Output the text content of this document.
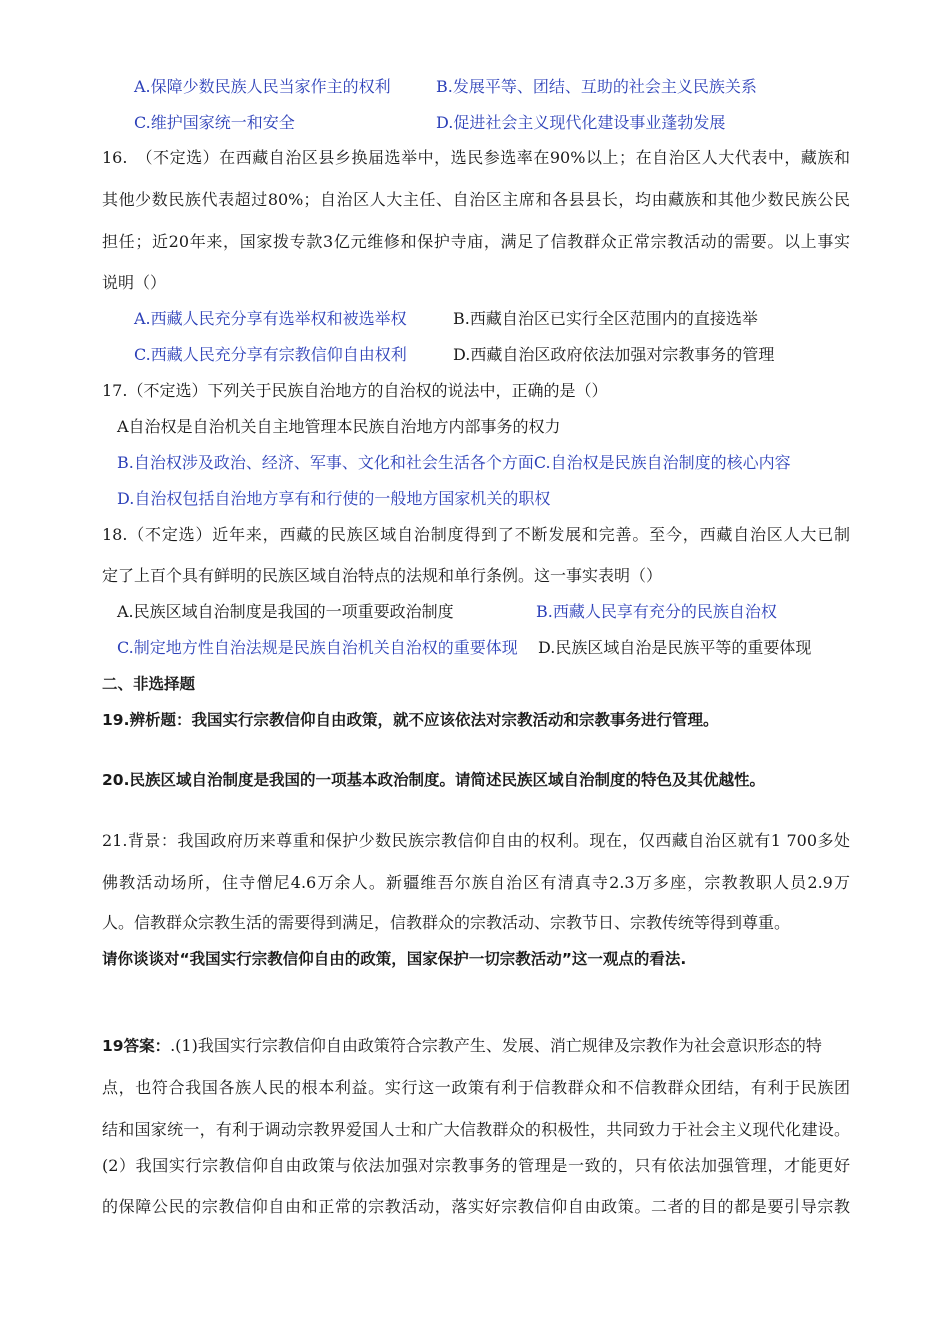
A.保障少数民族人民当家作主的权利	B.发展平等、团结、互助的社会主义民族关系
C.维护国家统一和安全	D.促进社会主义现代化建设事业蓬勃发展
16.　（不定选）在西藏自治区县乡换届选举中，选民参选率在90%以上；在自治区人大代表中，藏族和
其他少数民族代表超过80%；自治区人大主任、自治区主席和各县县长，均由藏族和其他少数民族公民
担任；近20年来，国家拨专款3亿元维修和保护寺庙，满足了信教群众正常宗教活动的需要。以上事实
说明（）
A.西藏人民充分享有选举权和被选举权	B.西藏自治区已实行全区范围内的直接选举
C.西藏人民充分享有宗教信仰自由权利	D.西藏自治区政府依法加强对宗教事务的管理
17.（不定选）下列关于民族自治地方的自治权的说法中，正确的是（）
A自治权是自治机关自主地管理本民族自治地方内部事务的权力
B.自治权涉及政治、经济、军事、文化和社会生活各个方面C.自治权是民族自治制度的核心内容
D.自治权包括自治地方享有和行使的一般地方国家机关的职权
18.（不定选）近年来，西藏的民族区域自治制度得到了不断发展和完善。至今，西藏自治区人大已制
定了上百个具有鲜明的民族区域自治特点的法规和单行条例。这一事实表明（）
A.民族区域自治制度是我国的一项重要政治制度	B.西藏人民享有充分的民族自治权
C.制定地方性自治法规是民族自治机关自治权的重要体现 D.民族区域自治是民族平等的重要体现
二、非选择题
19.辨析题：我国实行宗教信仰自由政策，就不应该依法对宗教活动和宗教事务进行管理。
20.民族区域自治制度是我国的一项基本政治制度。请简述民族区域自治制度的特色及其优越性。
21.背景：我国政府历来尊重和保护少数民族宗教信仰自由的权利。现在，仅西藏自治区就有1 700多处
佛教活动场所，住寺僧尼4.6万余人。新疆维吾尔族自治区有清真寺2.3万多座，宗教教职人员2.9万
人。信教群众宗教生活的需要得到满足，信教群众的宗教活动、宗教节日、宗教传统等得到尊重。
请你谈谈对“我国实行宗教信仰自由的政策，国家保护一切宗教活动”这一观点的看法.
19答案：.(1)我国实行宗教信仰自由政策符合宗教产生、发展、消亡规律及宗教作为社会意识形态的特
点，也符合我国各族人民的根本利益。实行这一政策有利于信教群众和不信教群众团结，有利于民族团
结和国家统一，有利于调动宗教界爱国人士和广大信教群众的积极性，共同致力于社会主义现代化建设。
(2）我国实行宗教信仰自由政策与依法加强对宗教事务的管理是一致的，只有依法加强管理，才能更好
的保障公民的宗教信仰自由和正常的宗教活动，落实好宗教信仰自由政策。二者的目的都是要引导宗教
